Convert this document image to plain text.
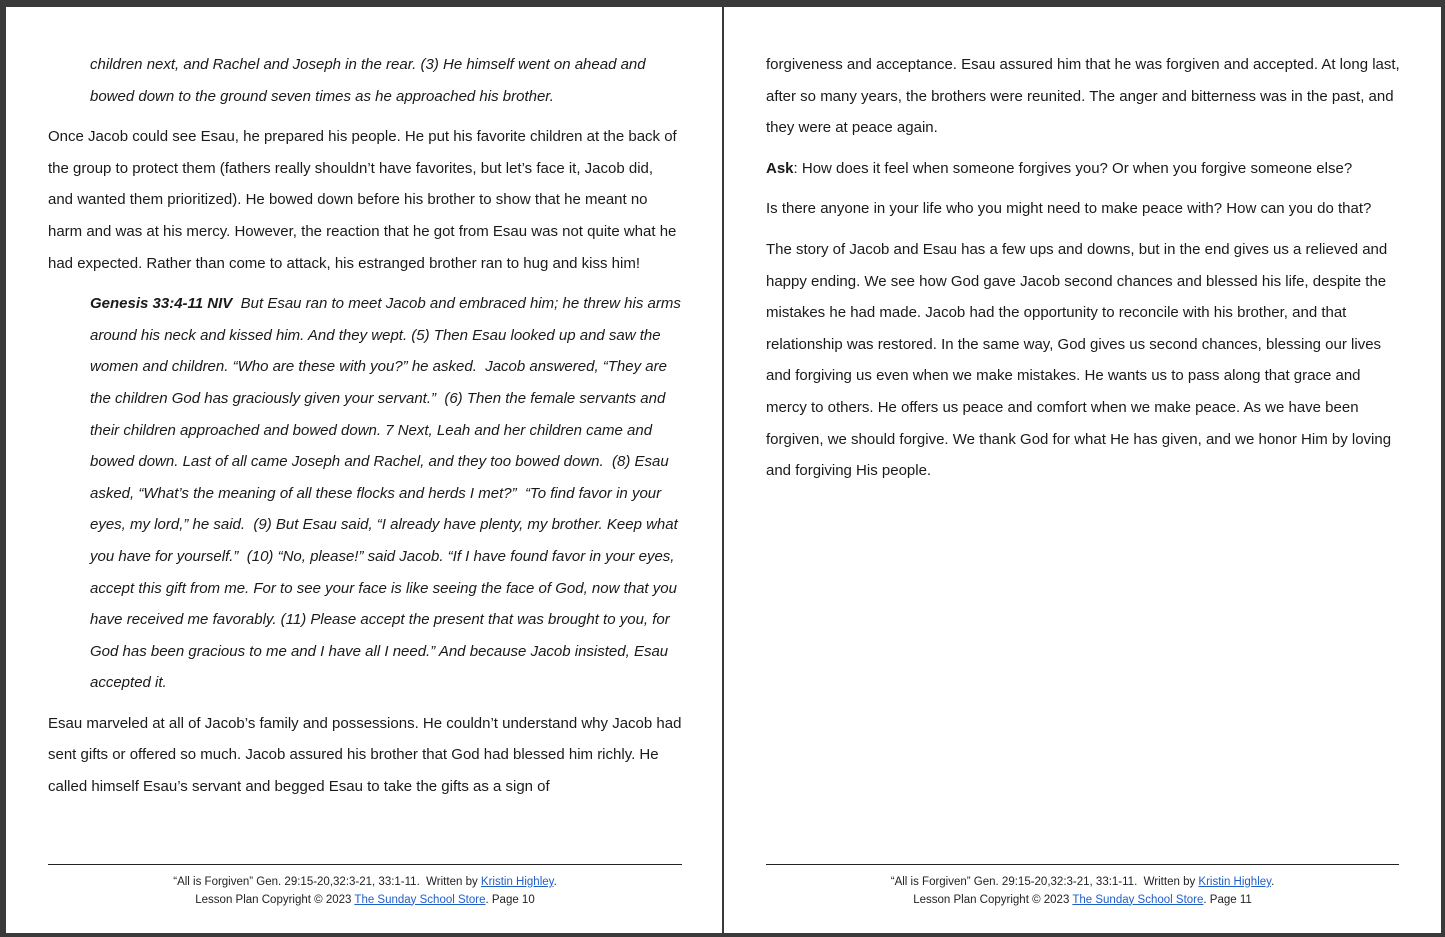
children next, and Rachel and Joseph in the rear. (3) He himself went on ahead and bowed down to the ground seven times as he approached his brother.

Once Jacob could see Esau, he prepared his people. He put his favorite children at the back of the group to protect them (fathers really shouldn’t have favorites, but let’s face it, Jacob did, and wanted them prioritized). He bowed down before his brother to show that he meant no harm and was at his mercy. However, the reaction that he got from Esau was not quite what he had expected. Rather than come to attack, his estranged brother ran to hug and kiss him!

Genesis 33:4-11 NIV  But Esau ran to meet Jacob and embraced him; he threw his arms around his neck and kissed him. And they wept. (5) Then Esau looked up and saw the women and children. “Who are these with you?” he asked.  Jacob answered, “They are the children God has graciously given your servant.”  (6) Then the female servants and their children approached and bowed down. 7 Next, Leah and her children came and bowed down. Last of all came Joseph and Rachel, and they too bowed down.  (8) Esau asked, “What’s the meaning of all these flocks and herds I met?”  “To find favor in your eyes, my lord,” he said.  (9) But Esau said, “I already have plenty, my brother. Keep what you have for yourself.”  (10) “No, please!” said Jacob. “If I have found favor in your eyes, accept this gift from me. For to see your face is like seeing the face of God, now that you have received me favorably. (11) Please accept the present that was brought to you, for God has been gracious to me and I have all I need.” And because Jacob insisted, Esau accepted it.

Esau marveled at all of Jacob’s family and possessions. He couldn’t understand why Jacob had sent gifts or offered so much. Jacob assured his brother that God had blessed him richly. He called himself Esau’s servant and begged Esau to take the gifts as a sign of

“All is Forgiven” Gen. 29:15-20,32:3-21, 33:1-11.  Written by Kristin Highley.
Lesson Plan Copyright © 2023 The Sunday School Store. Page 10

forgiveness and acceptance. Esau assured him that he was forgiven and accepted. At long last, after so many years, the brothers were reunited. The anger and bitterness was in the past, and they were at peace again.

Ask: How does it feel when someone forgives you? Or when you forgive someone else?

Is there anyone in your life who you might need to make peace with? How can you do that?

The story of Jacob and Esau has a few ups and downs, but in the end gives us a relieved and happy ending. We see how God gave Jacob second chances and blessed his life, despite the mistakes he had made. Jacob had the opportunity to reconcile with his brother, and that relationship was restored. In the same way, God gives us second chances, blessing our lives and forgiving us even when we make mistakes. He wants us to pass along that grace and mercy to others. He offers us peace and comfort when we make peace. As we have been forgiven, we should forgive. We thank God for what He has given, and we honor Him by loving and forgiving His people.

“All is Forgiven” Gen. 29:15-20,32:3-21, 33:1-11.  Written by Kristin Highley.
Lesson Plan Copyright © 2023 The Sunday School Store. Page 11
